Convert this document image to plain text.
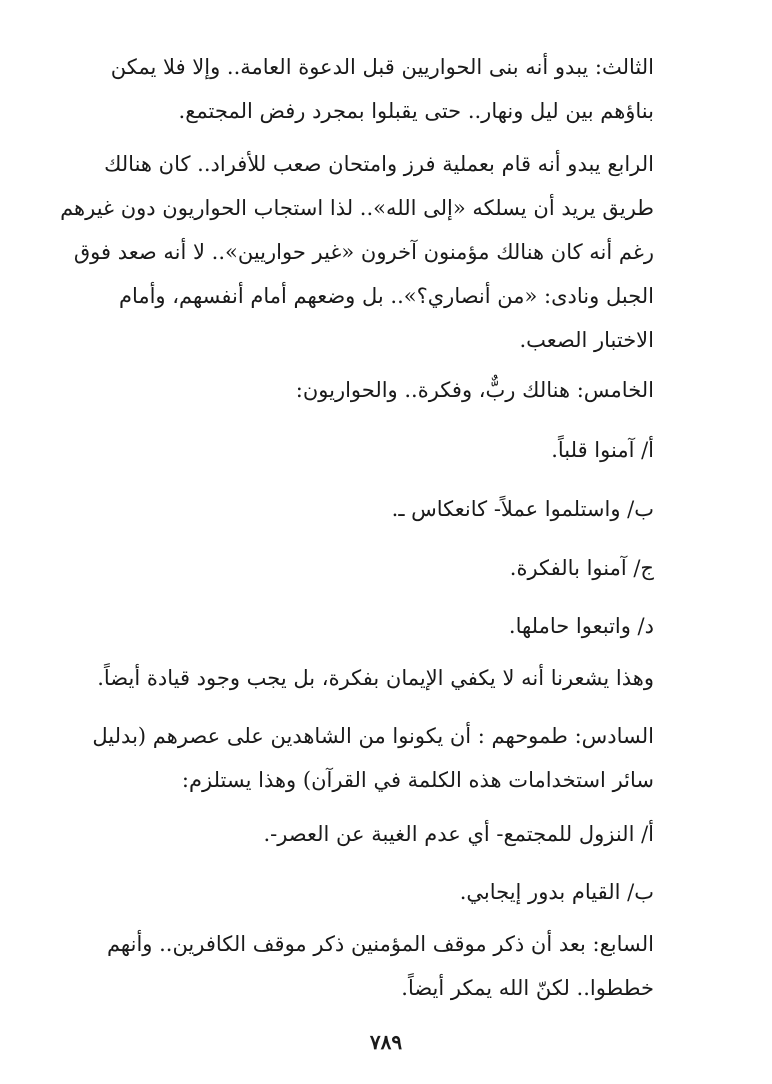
الثالث: يبدو أنه بنى الحواريين قبل الدعوة العامة.. وإلا فلا يمكن
بناؤهم بين ليل ونهار.. حتى يقبلوا بمجرد رفض المجتمع.
الرابع يبدو أنه قام بعملية فرز وامتحان صعب للأفراد.. كان هنالك
طريق يريد أن يسلكه «إلى الله».. لذا استجاب الحواريون دون غيرهم
رغم أنه كان هنالك مؤمنون آخرون «غير حواريين».. لا أنه صعد فوق
الجبل ونادى: «من أنصاري؟».. بل وضعهم أمام أنفسهم، وأمام
الاختبار الصعب.
الخامس: هنالك ربٌّ، وفكرة.. والحواريون:
أ/ آمنوا قلباً.
ب/ واستلموا عملاً- كانعكاس ـ.
ج/ آمنوا بالفكرة.
د/ واتبعوا حاملها.
وهذا يشعرنا أنه لا يكفي الإيمان بفكرة، بل يجب وجود قيادة أيضاً.
السادس: طموحهم : أن يكونوا من الشاهدين على عصرهم (بدليل
سائر استخدامات هذه الكلمة في القرآن) وهذا يستلزم:
أ/ النزول للمجتمع- أي عدم الغيبة عن العصر-.
ب/ القيام بدور إيجابي.
السابع: بعد أن ذكر موقف المؤمنين ذكر موقف الكافرين.. وأنهم
خططوا.. لكنّ الله يمكر أيضاً.
٧٨٩
